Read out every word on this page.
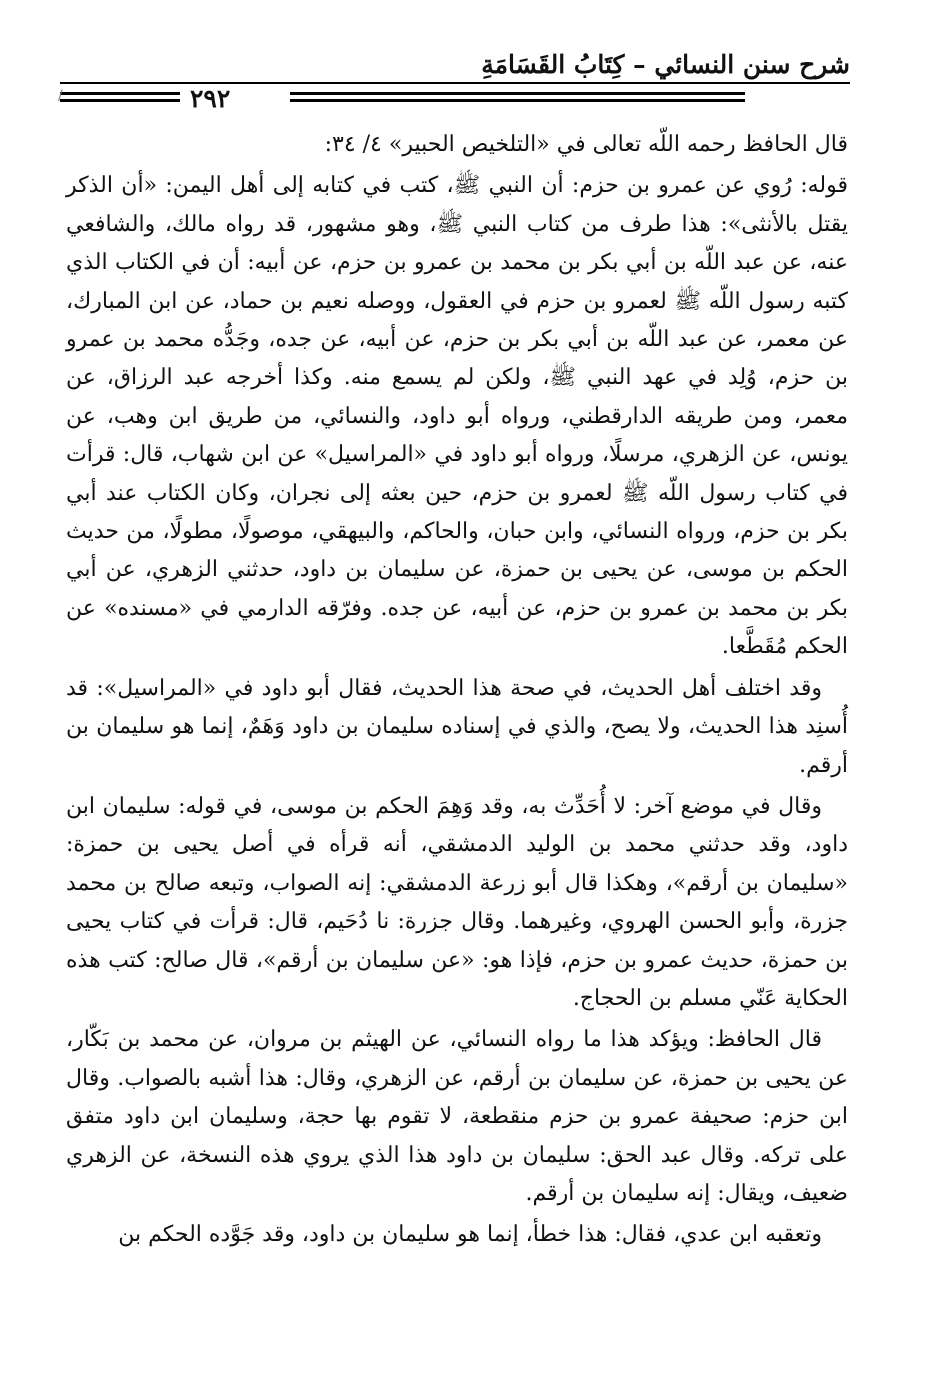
شرح سنن النسائي – كِتَابُ القَسَامَةِ
٢٩٢
/

قال الحافظ رحمه اللّه تعالى في «التلخيص الحبير» ٤/ ٣٤:

قوله: رُوي عن عمرو بن حزم: أن النبي ﷺ، كتب في كتابه إلى أهل اليمن: «أن الذكر يقتل بالأنثى»: هذا طرف من كتاب النبي ﷺ، وهو مشهور، قد رواه مالك، والشافعي عنه، عن عبد اللّه بن أبي بكر بن محمد بن عمرو بن حزم، عن أبيه: أن في الكتاب الذي كتبه رسول اللّه ﷺ لعمرو بن حزم في العقول، ووصله نعيم بن حماد، عن ابن المبارك، عن معمر، عن عبد اللّه بن أبي بكر بن حزم، عن أبيه، عن جده، وجَدُّه محمد بن عمرو بن حزم، وُلِد في عهد النبي ﷺ، ولكن لم يسمع منه. وكذا أخرجه عبد الرزاق، عن معمر، ومن طريقه الدارقطني، ورواه أبو داود، والنسائي، من طريق ابن وهب، عن يونس، عن الزهري، مرسلًا، ورواه أبو داود في «المراسيل» عن ابن شهاب، قال: قرأت في كتاب رسول اللّه ﷺ لعمرو بن حزم، حين بعثه إلى نجران، وكان الكتاب عند أبي بكر بن حزم، ورواه النسائي، وابن حبان، والحاكم، والبيهقي، موصولًا، مطولًا، من حديث الحكم بن موسى، عن يحيى بن حمزة، عن سليمان بن داود، حدثني الزهري، عن أبي بكر بن محمد بن عمرو بن حزم، عن أبيه، عن جده. وفرّقه الدارمي في «مسنده» عن الحكم مُقَطَّعا.

وقد اختلف أهل الحديث، في صحة هذا الحديث، فقال أبو داود في «المراسيل»: قد أُسنِد هذا الحديث، ولا يصح، والذي في إسناده سليمان بن داود وَهَمٌ، إنما هو سليمان بن أرقم.

وقال في موضع آخر: لا أُحَدِّث به، وقد وَهِمَ الحكم بن موسى، في قوله: سليمان ابن داود، وقد حدثني محمد بن الوليد الدمشقي، أنه قرأه في أصل يحيى بن حمزة: «سليمان بن أرقم»، وهكذا قال أبو زرعة الدمشقي: إنه الصواب، وتبعه صالح بن محمد جزرة، وأبو الحسن الهروي، وغيرهما. وقال جزرة: نا دُحَيم، قال: قرأت في كتاب يحيى بن حمزة، حديث عمرو بن حزم، فإذا هو: «عن سليمان بن أرقم»، قال صالح: كتب هذه الحكاية عَنّي مسلم بن الحجاج.

قال الحافظ: ويؤكد هذا ما رواه النسائي، عن الهيثم بن مروان، عن محمد بن بَكّار، عن يحيى بن حمزة، عن سليمان بن أرقم، عن الزهري، وقال: هذا أشبه بالصواب. وقال ابن حزم: صحيفة عمرو بن حزم منقطعة، لا تقوم بها حجة، وسليمان ابن داود متفق على تركه. وقال عبد الحق: سليمان بن داود هذا الذي يروي هذه النسخة، عن الزهري ضعيف، ويقال: إنه سليمان بن أرقم.

وتعقبه ابن عدي، فقال: هذا خطأ، إنما هو سليمان بن داود، وقد جَوَّده الحكم بن
